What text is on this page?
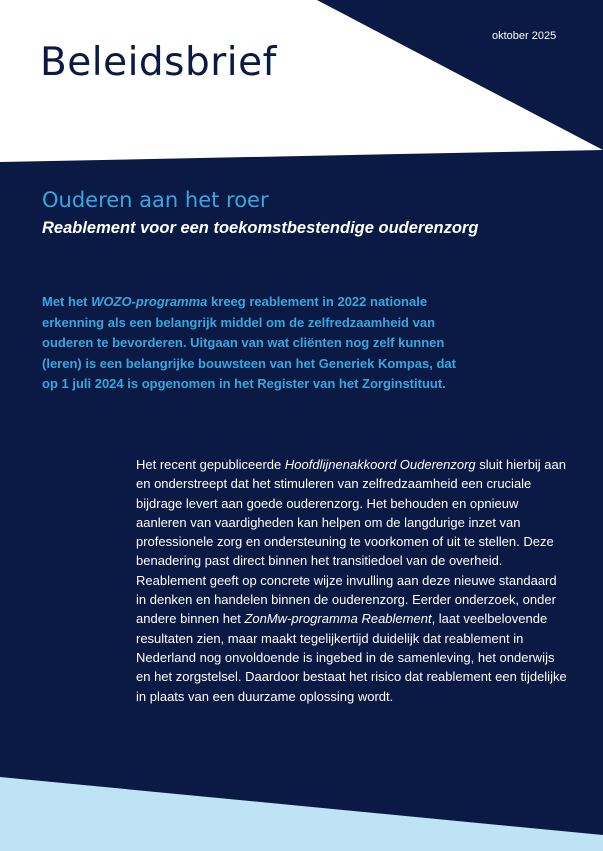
oktober 2025
Beleidsbrief
Ouderen aan het roer
Reablement voor een toekomstbestendige ouderenzorg

Met het WOZO-programma kreeg reablement in 2022 nationale erkenning als een belangrijk middel om de zelfredzaamheid van ouderen te bevorderen. Uitgaan van wat cliënten nog zelf kunnen (leren) is een belangrijke bouwsteen van het Generiek Kompas, dat op 1 juli 2024 is opgenomen in het Register van het Zorginstituut.

Het recent gepubliceerde Hoofdlijnenakkoord Ouderenzorg sluit hierbij aan en onderstreept dat het stimuleren van zelfredzaamheid een cruciale bijdrage levert aan goede ouderenzorg. Het behouden en opnieuw aanleren van vaardigheden kan helpen om de langdurige inzet van professionele zorg en ondersteuning te voorkomen of uit te stellen. Deze benadering past direct binnen het transitiedoel van de overheid. Reablement geeft op concrete wijze invulling aan deze nieuwe standaard in denken en handelen binnen de ouderenzorg. Eerder onderzoek, onder andere binnen het ZonMw-programma Reablement, laat veelbelovende resultaten zien, maar maakt tegelijkertijd duidelijk dat reablement in Nederland nog onvoldoende is ingebed in de samenleving, het onderwijs en het zorgstelsel. Daardoor bestaat het risico dat reablement een tijdelijke in plaats van een duurzame oplossing wordt.
